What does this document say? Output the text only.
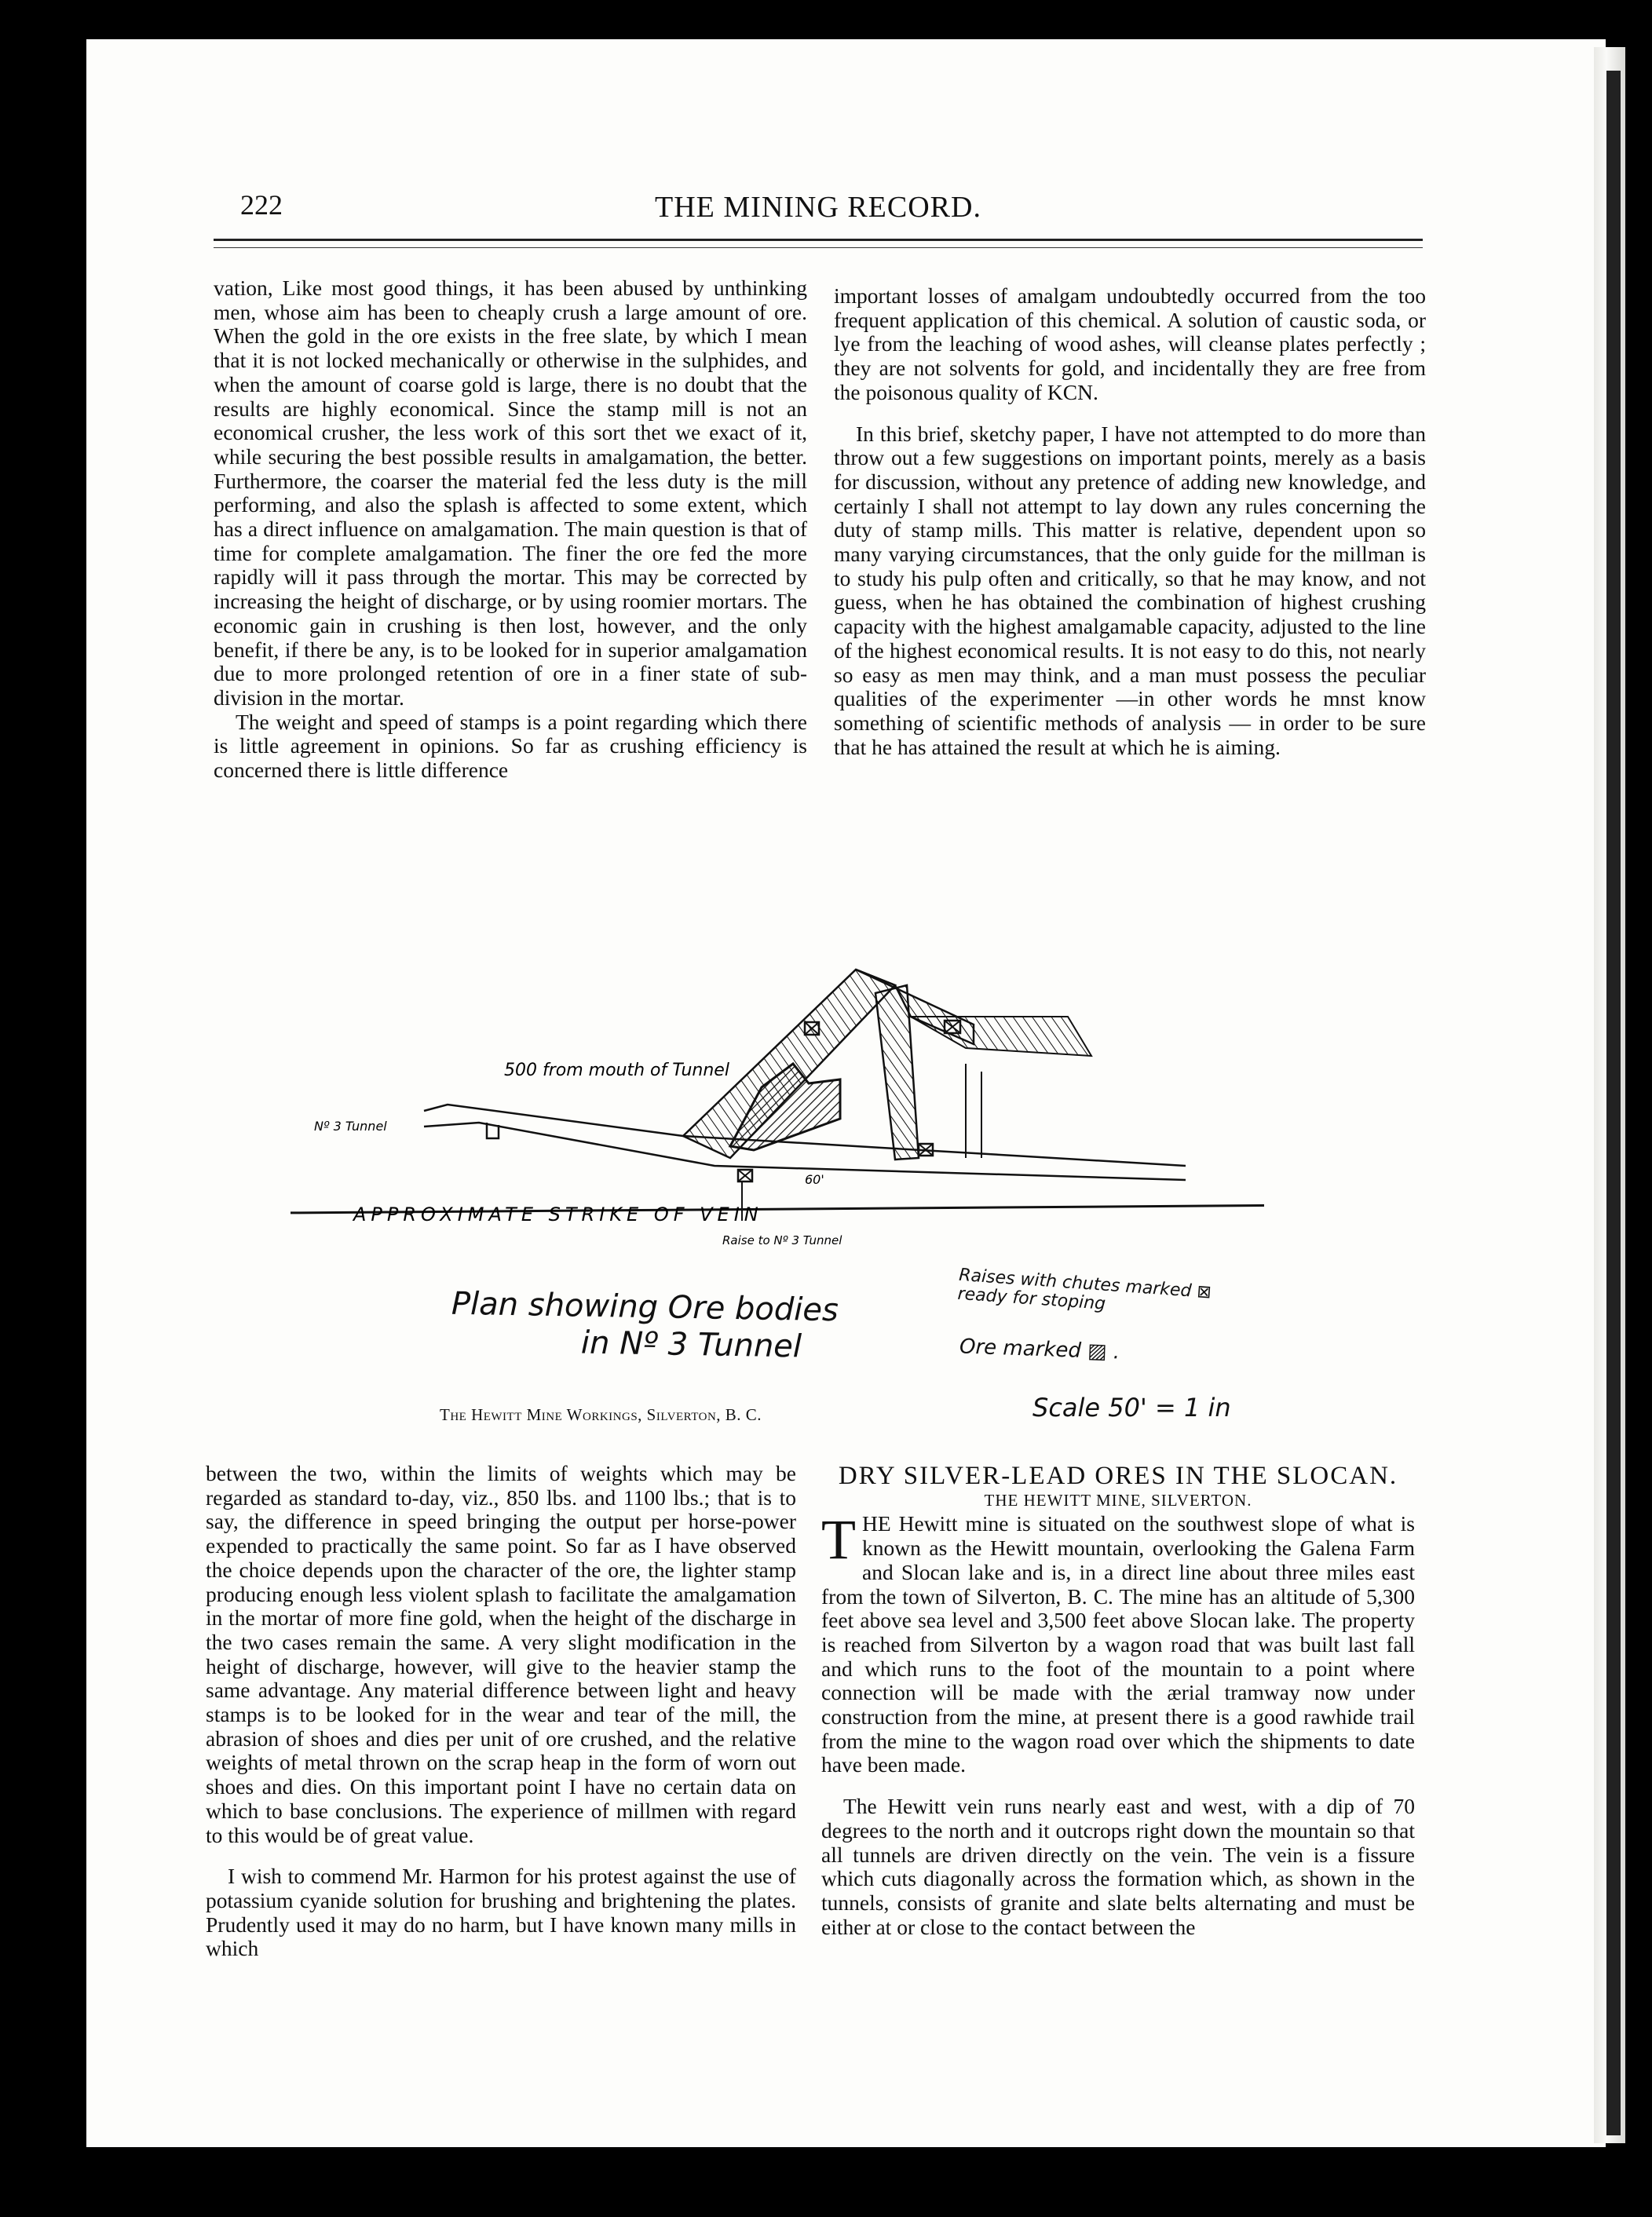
222	THE MINING RECORD.

vation, Like most good things, it has been abused by unthinking men, whose aim has been to cheaply crush a large amount of ore. When the gold in the ore exists in the free slate, by which I mean that it is not locked mechanically or otherwise in the sulphides, and when the amount of coarse gold is large, there is no doubt that the results are highly economical. Since the stamp mill is not an economical crusher, the less work of this sort thet we exact of it, while securing the best possible results in amalgamation, the better. Furthermore, the coarser the material fed the less duty is the mill performing, and also the splash is affected to some extent, which has a direct influence on amalgamation. The main question is that of time for complete amalgamation. The finer the ore fed the more rapidly will it pass through the mortar. This may be corrected by increasing the height of discharge, or by using roomier mortars. The economic gain in crushing is then lost, however, and the only benefit, if there be any, is to be looked for in superior amalgamation due to more prolonged retention of ore in a finer state of sub-division in the mortar.

The weight and speed of stamps is a point regarding which there is little agreement in opinions. So far as crushing efficiency is concerned there is little difference

important losses of amalgam undoubtedly occurred from the too frequent application of this chemical. A solution of caustic soda, or lye from the leaching of wood ashes, will cleanse plates perfectly ; they are not solvents for gold, and incidentally they are free from the poisonous quality of KCN.

In this brief, sketchy paper, I have not attempted to do more than throw out a few suggestions on important points, merely as a basis for discussion, without any pretence of adding new knowledge, and certainly I shall not attempt to lay down any rules concerning the duty of stamp mills. This matter is relative, dependent upon so many varying circumstances, that the only guide for the millman is to study his pulp often and critically, so that he may know, and not guess, when he has obtained the combination of highest crushing capacity with the highest amalgamable capacity, adjusted to the line of the highest economical results. It is not easy to do this, not nearly so easy as men may think, and a man must possess the peculiar qualities of the experimenter —in other words he mnst know something of scientific methods of analysis — in order to be sure that he has attained the result at which he is aiming.

500 from mouth of Tunnel
Nº 3 Tunnel
APPROXIMATE STRIKE OF VEIN
60'
Raise to Nº 3 Tunnel
Plan showing Ore bodies
in Nº 3 Tunnel
Raises with chutes marked ⊠ ready for stoping
Ore marked ▨ .
Scale 50' = 1 in
The Hewitt Mine Workings, Silverton, B. C.

between the two, within the limits of weights which may be regarded as standard to-day, viz., 850 lbs. and 1100 lbs.; that is to say, the difference in speed bringing the output per horse-power expended to practically the same point. So far as I have observed the choice depends upon the character of the ore, the lighter stamp producing enough less violent splash to facilitate the amalgamation in the mortar of more fine gold, when the height of the discharge in the two cases remain the same. A very slight modification in the height of discharge, however, will give to the heavier stamp the same advantage. Any material difference between light and heavy stamps is to be looked for in the wear and tear of the mill, the abrasion of shoes and dies per unit of ore crushed, and the relative weights of metal thrown on the scrap heap in the form of worn out shoes and dies. On this important point I have no certain data on which to base conclusions. The experience of millmen with regard to this would be of great value.

I wish to commend Mr. Harmon for his protest against the use of potassium cyanide solution for brushing and brightening the plates. Prudently used it may do no harm, but I have known many mills in which

DRY SILVER-LEAD ORES IN THE SLOCAN.

THE HEWITT MINE, SILVERTON.

THE Hewitt mine is situated on the southwest slope of what is known as the Hewitt mountain, overlooking the Galena Farm and Slocan lake and is, in a direct line about three miles east from the town of Silverton, B. C. The mine has an altitude of 5,300 feet above sea level and 3,500 feet above Slocan lake. The property is reached from Silverton by a wagon road that was built last fall and which runs to the foot of the mountain to a point where connection will be made with the ærial tramway now under construction from the mine, at present there is a good rawhide trail from the mine to the wagon road over which the shipments to date have been made.

The Hewitt vein runs nearly east and west, with a dip of 70 degrees to the north and it outcrops right down the mountain so that all tunnels are driven directly on the vein. The vein is a fissure which cuts diagonally across the formation which, as shown in the tunnels, consists of granite and slate belts alternating and must be either at or close to the contact between the
